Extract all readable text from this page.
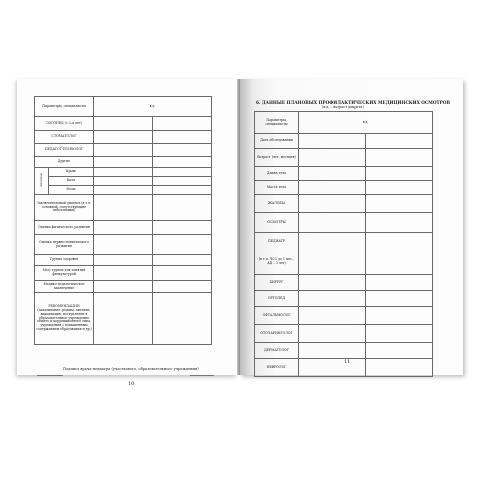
Параметры, специалисты		в.д.	
ЛОГОПЕД (с 3–х лет)			
СТОМАТОЛОГ			
ПЕДАГОГ-ПСИХОЛОГ			
Другие			
Анализы	Кровь		
	Кала		
	Моча		
Заключительный диагноз (в т.ч. основной, сопутствующие заболевания)			
Оценка физического развития			
Оценка нервно-психического развития			
Группа здоровья			
Мед. группа для занятий физкультурой			
Медико-педагогическое заключение			
РЕКОМЕНДАЦИИ (закаливание, режим, питание, вакцинация, поступление в образовательное учреждение общего и коррекционного типа, учреждения с повышенным содержанием образования и др.)			
Подпись врача-педиатра (участкового, образовательного учреждения)
10
6. ДАННЫЕ ПЛАНОВЫХ ПРОФИЛАКТИЧЕСКИХ МЕДИЦИНСКИХ ОСМОТРОВ
(в.д. – возраст декрета)
Параметры, специалисты	в.д.	
Дата обследования		
Возраст (лет, месяцев)		
Длина тела		
Масса тела		
ЖАЛОБЫ		
ОСМОТРЫ		
ПЕДИАТР		
(в т.ч. ЧСС до 1 мес., АД – 3 лет)		
ХИРУРГ		
ОРТОПЕД		
ОФТАЛЬМОЛОГ		
ОТОЛАРИНГОЛОГ		
ДЕРМАТОЛОГ		
НЕВРОЛОГ		
11
